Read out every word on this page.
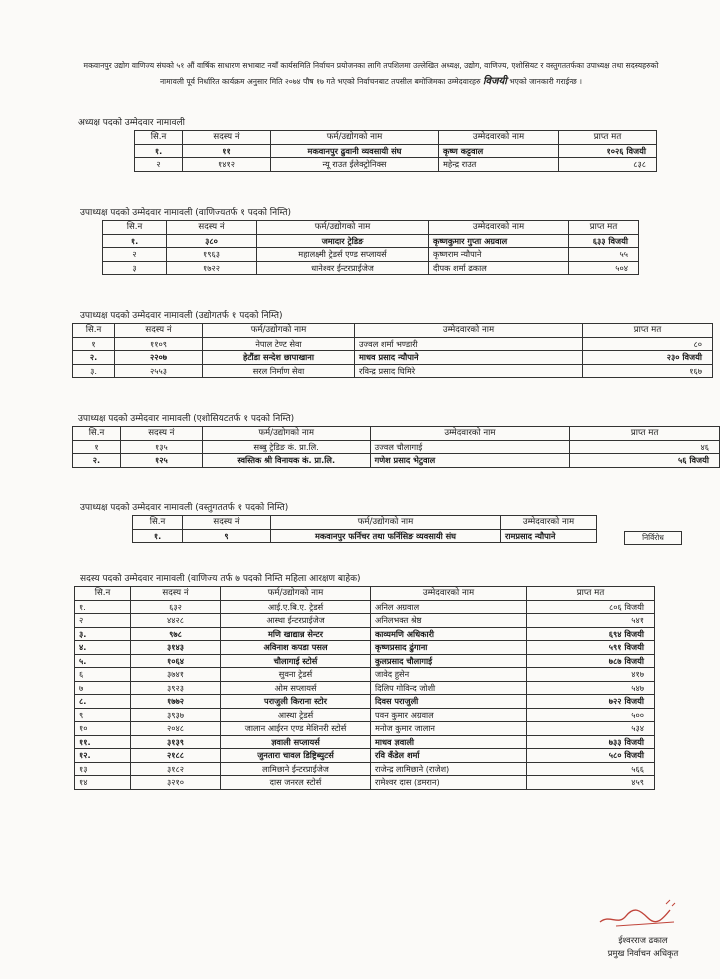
मकवानपुर उद्योग वाणिज्य संघको ५१ औं वार्षिक साधारण सभाबाट नयाँ कार्यसमिति निर्वाचन प्रयोजनका लागि तपशिलमा उल्लेखित अध्यक्ष, उद्योग, वाणिज्य, एशोसियट र वस्तुगततर्फका उपाध्यक्ष तथा सदस्यहरुको नामावली पूर्व निर्धारित कार्यक्रम अनुसार मिति २०७४ पौष १७ गते भएको निर्वाचनबाट तपसील बमोजिमका उम्मेदवारहरु विजयी भएको जानकारी गराईन्छ ।
अध्यक्ष पदको उम्मेदवार नामावली
सि.न	सदस्य नं	फर्म/उद्योगको नाम	उम्मेदवारको नाम	प्राप्त मत
१.	११	मकवानपुर ढुवानी व्यवसायी संघ	कृष्ण कट्टवाल	१०२६ विजयी
२	१४१२	न्यू राउत ईलेक्ट्रोनिक्स	महेन्द्र राउत	८३८
उपाध्यक्ष पदको उम्मेदवार नामावली (वाणिज्यतर्फ १ पदको निम्ति)
सि.न	सदस्य नं	फर्म/उद्योगको नाम	उम्मेदवारको नाम	प्राप्त मत
१.	३८०	जमादार ट्रेडिङ	कृष्णकुमार गुप्ता अग्रवाल	६३३ विजयी
२	१९६३	महालक्ष्मी ट्रेडर्स एण्ड सप्लायर्स	कृष्णराम न्यौपाने	५५
३	१७२२	धानेश्वर ईन्टरप्राईजेज	दीपक शर्मा ढकाल	५०४
उपाध्यक्ष पदको उम्मेदवार नामावली (उद्योगतर्फ १ पदको निम्ति)
सि.न	सदस्य नं	फर्म/उद्योगको नाम	उम्मेदवारको नाम	प्राप्त मत
१	११०९	नेपाल टेण्ट सेवा	उज्वल शर्मा भण्डारी	८०
२.	२२०७	हेटौंडा सन्देश छापाखाना	माधव प्रसाद न्यौपाने	२३० विजयी
३.	२५५३	सरल निर्माण सेवा	रविन्द्र प्रसाद घिमिरे	१६७
उपाध्यक्ष पदको उम्मेदवार नामावली (एशोसियटतर्फ १ पदको निम्ति)
सि.न	सदस्य नं	फर्म/उद्योगको नाम	उम्मेदवारको नाम	प्राप्त मत
१	१३५	सब्बु ट्रेडिङ कं. प्रा.लि.	उज्वल चौलागाई	४६
२.	१२५	स्वस्तिक श्री विनायक कं. प्रा.लि.	गणेश प्रसाद भेटुवाल	५६ विजयी
उपाध्यक्ष पदको उम्मेदवार नामावली (वस्तुगततर्फ १ पदको निम्ति)
सि.न	सदस्य नं	फर्म/उद्योगको नाम	उम्मेदवारको नाम
१.	९	मकवानपुर फर्निचर तथा फर्निसिङ व्यवसायी संघ	रामप्रसाद न्यौपाने	निर्विरोध
सदस्य पदको उम्मेदवार नामावली (वाणिज्य तर्फ ७ पदको निम्ति महिला आरक्षण बाहेक)
सि.न	सदस्य नं	फर्म/उद्योगको नाम	उम्मेदवारको नाम	प्राप्त मत
१.	६३२	आई.ए.बि.ए. ट्रेडर्स	अनिल अग्रवाल	८०६ विजयी
२	४४२८	आस्था ईन्टरप्राईजेज	अनिलभक्त श्रेष्ठ	५४१
३.	९७८	मणि खाद्यान्न सेन्टर	काव्यमणि अधिकारी	६९४ विजयी
४.	३१४३	अविनाश कपडा पसल	कृष्णप्रसाद ढुंगाना	५९१ विजयी
५.	१०६४	चौलागाई स्टोर्स	कुलप्रसाद चौलागाई	७८७ विजयी
६	३७४१	सुवना ट्रेडर्स	जावेद हुसेन	४१७
७	३९२३	ओम सप्लायर्स	दिलिप गोविन्द जोशी	५४७
८.	१७७२	पराजुली किराना स्टोर	दिवस पराजुली	७२२ विजयी
९	३९३७	आस्था ट्रेडर्स	पवन कुमार अग्रवाल	५००
१०	२०४८	जालान आईरन एण्ड मेशिनरी स्टोर्स	मनोज कुमार जालान	५३४
११.	३१३९	ज्ञवाली सप्लायर्स	माधव ज्ञवाली	७३३ विजयी
१२.	२१८८	जुनतारा चावल डिष्ट्रिब्युटर्स	रवि कँडेल शर्मा	५८० विजयी
१३	३१८२	लामिछाने ईन्टरप्राईजेज	राजेन्द्र लामिछाने (राजेश)	५६६
१४	३२१०	दास जनरल स्टोर्स	रामेश्वर दास (डमरान)	४५९
ईश्वरराज ढकाल
प्रमुख निर्वाचन अधिकृत
